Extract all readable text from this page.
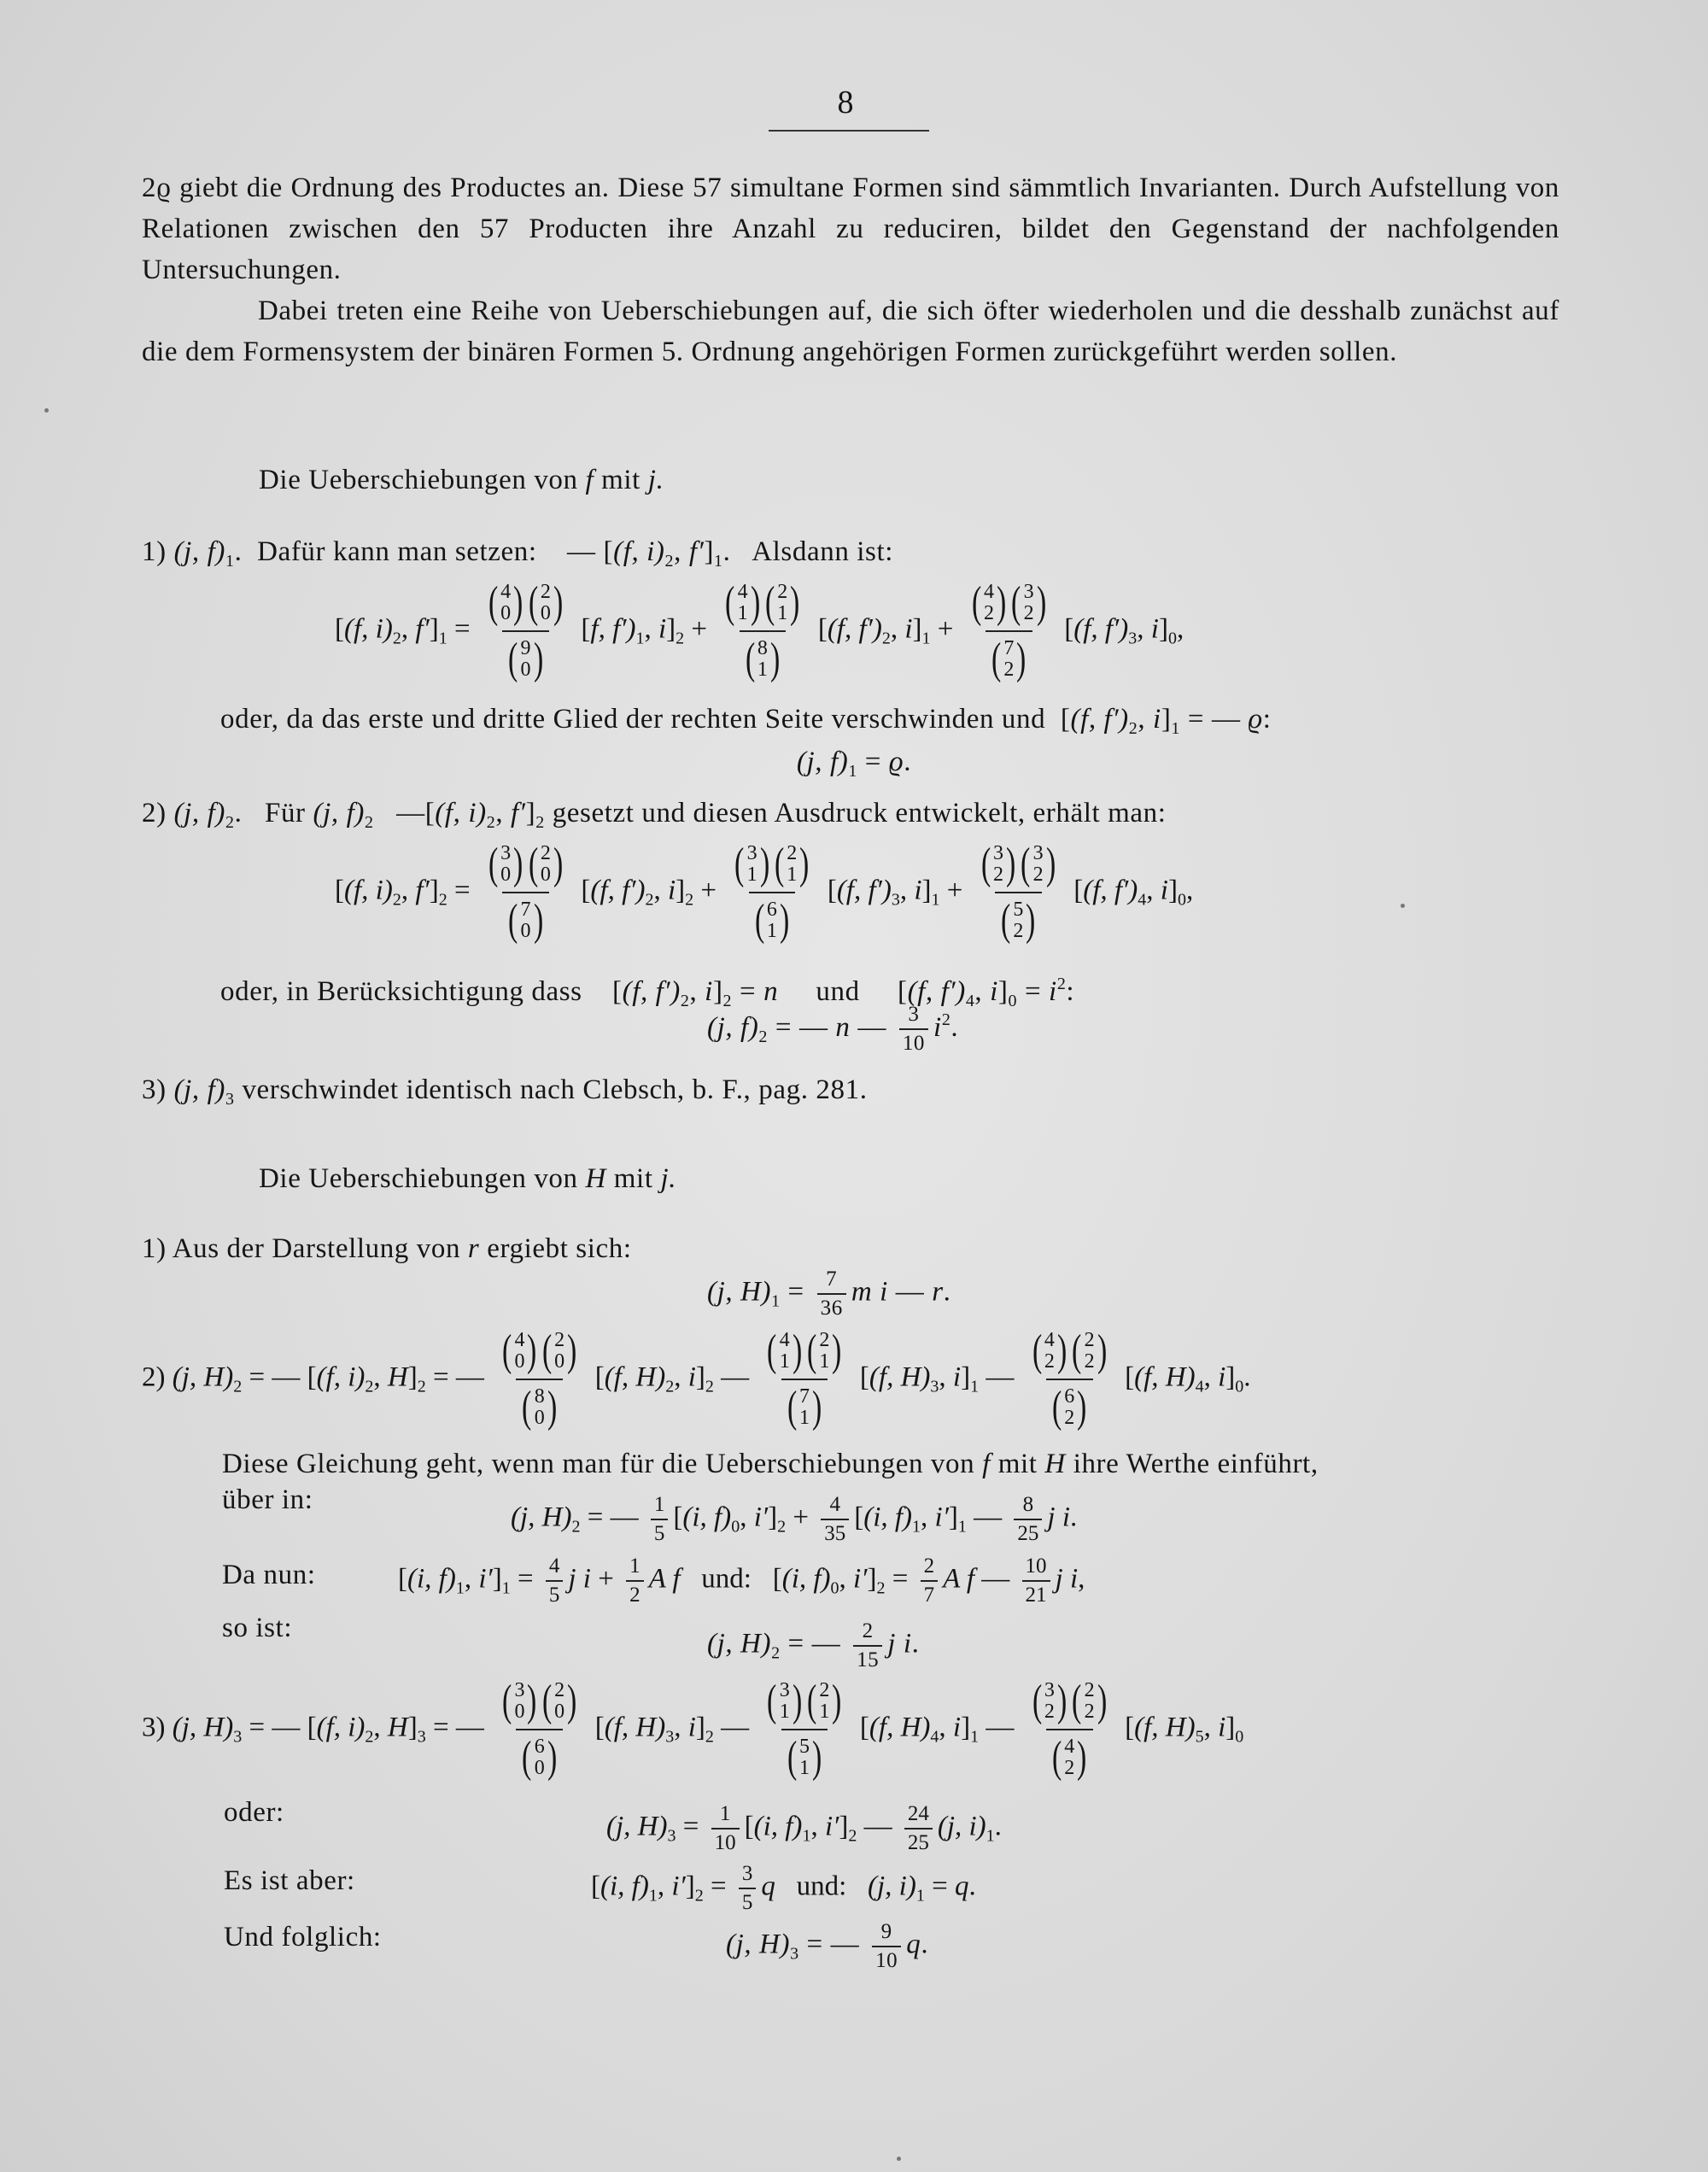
8
2ϱ giebt die Ordnung des Productes an. Diese 57 simultane Formen sind sämmtlich Invarianten. Durch Aufstellung von Relationen zwischen den 57 Producten ihre Anzahl zu reduciren, bildet den Gegenstand der nachfolgenden Untersuchungen.
Dabei treten eine Reihe von Ueberschiebungen auf, die sich öfter wiederholen und die desshalb zunächst auf die dem Formensystem der binären Formen 5. Ordnung angehörigen Formen zurückgeführt werden sollen.
Die Ueberschiebungen von f mit j.
1) (j, $f)_1$.  Dafür kann man setzen:    — [(f, $i)_2$, $f']_1$.   Alsdann ist:
[(f, $i)_2$, $f']_1$ = ( 4
0 ) ( 2
0 )
( 9
0 ) [f, $f')_1$, $i]_2$ + ( 4
1 ) ( 2
1 )
( 8
1 ) [(f, $f')_2$, $i]_1$ + ( 4
2 ) ( 3
2 )
( 7
2 ) [(f, $f')_3$, $i]_0$,
oder, da das erste und dritte Glied der rechten Seite verschwinden und  [(f, $f')_2$, $i]_1$ = — ϱ:
(j, $f)_1 = ϱ$.
2) (j, $f)_2$.   Für (j, $f)_2$   —[(f, $i)_2$, $f']_2$ gesetzt und diesen Ausdruck entwickelt, erhält man:
[(f, $i)_2$, $f']_2$ = ( 3
0 ) ( 2
0 )
( 7
0 ) [(f, $f')_2$, $i]_2$ + ( 3
1 ) ( 2
1 )
( 6
1 ) [(f, $f')_3$, $i]_1$ + ( 3
2 ) ( 3
2 )
( 5
2 ) [(f, $f')_4$, $i]_0$,
oder, in Berücksichtigung dass    [(f, $f')_2$, $i]_2 = n$ und     [(f, $f')_4$, $i]_0 = i^2$:
(j, $f)_2$ = — n — $\frac{3}{10} i^2$.
3) (j, $f)_3$ verschwindet identisch nach Clebsch, b. F., pag. 281.
Die Ueberschiebungen von H mit j.
1) Aus der Darstellung von r ergiebt sich:
(j, $H)_1 = \frac{7}{36}$ m i — r.
2) (j, $H)_2$ = — [(f, $i)_2$, $H]_2$ = — ( 4
0 ) ( 2
0 )
( 8
0 ) [(f, $H)_2$, $i]_2$ — ( 4
1 ) ( 2
1 )
( 7
1 ) [(f, $H)_3$, $i]_1$ — ( 4
2 ) ( 2
2 )
( 6
2 ) [(f, $H)_4$, $i]_0$.
Diese Gleichung geht, wenn man für die Ueberschiebungen von f mit H ihre Werthe einführt,
über in:
(j, $H)_2$ = — $\frac{1}{5} [(i$, $f)_0$, $i']_2 + \frac{4}{35} [(i$, $f)_1$, $i']_1$ — $\frac{8}{25}$ j i.
Da nun:	[(i, $f)_1$, $i']_1 = \frac{4}{5}$ j $i + \frac{1}{2}$ A f und:   [(i, $f)_0$, $i']_2 = \frac{2}{7}$ A f — $\frac{10}{21}$ j i,
so ist:
(j, $H)_2$ = — $\frac{2}{15}$ j i.
3) (j, $H)_3$ = — [(f, $i)_2$, $H]_3$ = — ( 3
0 ) ( 2
0 )
( 6
0 ) [(f, $H)_3$, $i]_2$ — ( 3
1 ) ( 2
1 )
( 5
1 ) [(f, $H)_4$, $i]_1$ — ( 3
2 ) ( 2
2 )
( 4
2 ) [(f, $H)_5$, $i]_0$
oder:	(j, $H)_3 = \frac{1}{10} [(i$, $f)_1$, $i']_2$ — $\frac{24}{25} (j$, $i)_1$.
Es ist aber:	[(i, $f)_1$, $i']_2 = \frac{3}{5}$ q und: (j, $i)_1 = q$.
Und folglich:	(j, $H)_3$ = — $\frac{9}{10} q$.
